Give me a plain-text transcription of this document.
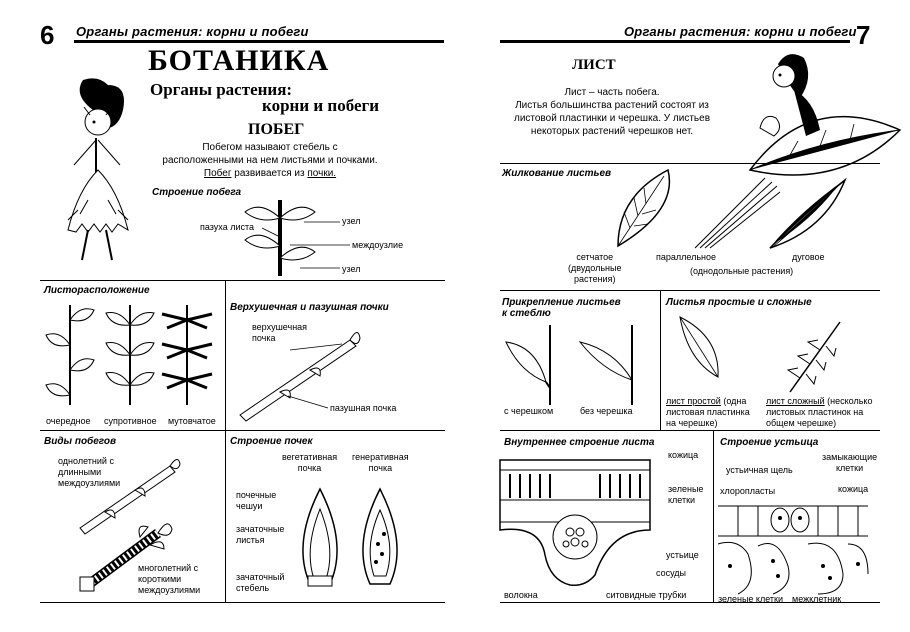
6 Органы растения: корни и побеги
БОТАНИКА
Органы растения:
корни и побеги
ПОБЕГ
Побегом называют стебель с
расположенными на нем листьями и почками.
Побег развивается из почки.
Строение побега
пазуха листа
узел
междоузлие
узел
Листорасположение
очередное супротивное мутовчатое
Верхушечная и пазушная почки
верхушечная
почка
пазушная почка
Виды побегов
однолетний с
длинными
междоузлиями
многолетний с
короткими
междоузлиями
Строение почек
вегетативная
почка
генеративная
почка
почечные
чешуи
зачаточные
листья
зачаточный
стебель
Органы растения: корни и побеги 7
ЛИСТ
Лист – часть побега.
Листья большинства растений состоят из
листовой пластинки и черешка. У листьев
некоторых растений черешков нет.
Жилкование листьев
сетчатое
(двудольные
растения)
параллельное	дуговое
(однодольные растения)
Прикрепление листьев
к стеблю
с черешком	без черешка
Листья простые и сложные
лист простой (одна
листовая пластинка
на черешке)
лист сложный (несколько
листовых пластинок на
общем черешке)
Внутреннее строение листа
кожица
зеленые
клетки
устьице
сосуды
волокна	ситовидные трубки
Строение устьица
замыкающие
клетки
устьичная щель
хлоропласты	кожица
зеленые клетки межклетник
